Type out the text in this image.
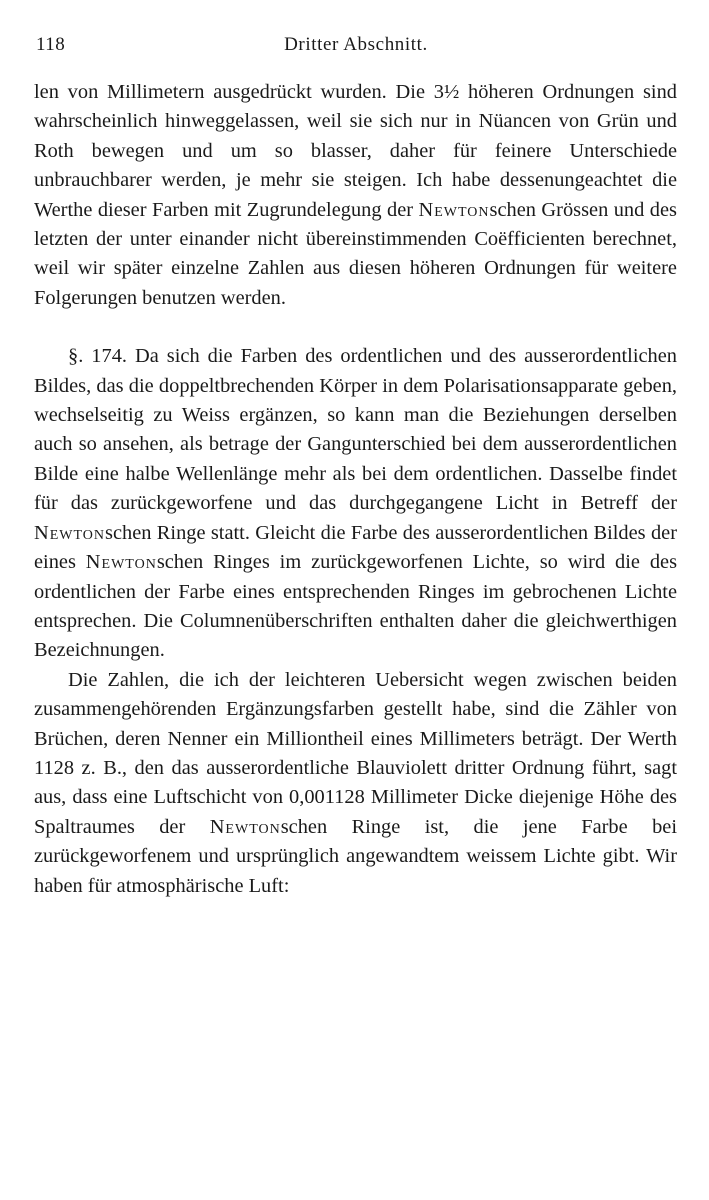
118	Dritter Abschnitt.

len von Millimetern ausgedrückt wurden. Die 3½ höheren Ordnungen sind wahrscheinlich hinweggelassen, weil sie sich nur in Nüancen von Grün und Roth bewegen und um so blasser, daher für feinere Unterschiede unbrauchbarer werden, je mehr sie steigen. Ich habe dessenungeachtet die Werthe dieser Farben mit Zugrundelegung der Newtonschen Grössen und des letzten der unter einander nicht übereinstimmenden Coëfficienten berechnet, weil wir später einzelne Zahlen aus diesen höheren Ordnungen für weitere Folgerungen benutzen werden.

§. 174. Da sich die Farben des ordentlichen und des ausserordentlichen Bildes, das die doppeltbrechenden Körper in dem Polarisationsapparate geben, wechselseitig zu Weiss ergänzen, so kann man die Beziehungen derselben auch so ansehen, als betrage der Gangunterschied bei dem ausserordentlichen Bilde eine halbe Wellenlänge mehr als bei dem ordentlichen. Dasselbe findet für das zurückgeworfene und das durchgegangene Licht in Betreff der Newtonschen Ringe statt. Gleicht die Farbe des ausserordentlichen Bildes der eines Newtonschen Ringes im zurückgeworfenen Lichte, so wird die des ordentlichen der Farbe eines entsprechenden Ringes im gebrochenen Lichte entsprechen. Die Columnenüberschriften enthalten daher die gleichwerthigen Bezeichnungen.

Die Zahlen, die ich der leichteren Uebersicht wegen zwischen beiden zusammengehörenden Ergänzungsfarben gestellt habe, sind die Zähler von Brüchen, deren Nenner ein Milliontheil eines Millimeters beträgt. Der Werth 1128 z. B., den das ausserordentliche Blauviolett dritter Ordnung führt, sagt aus, dass eine Luftschicht von 0,001128 Millimeter Dicke diejenige Höhe des Spaltraumes der Newtonschen Ringe ist, die jene Farbe bei zurückgeworfenem und ursprünglich angewandtem weissem Lichte gibt. Wir haben für atmosphärische Luft:
